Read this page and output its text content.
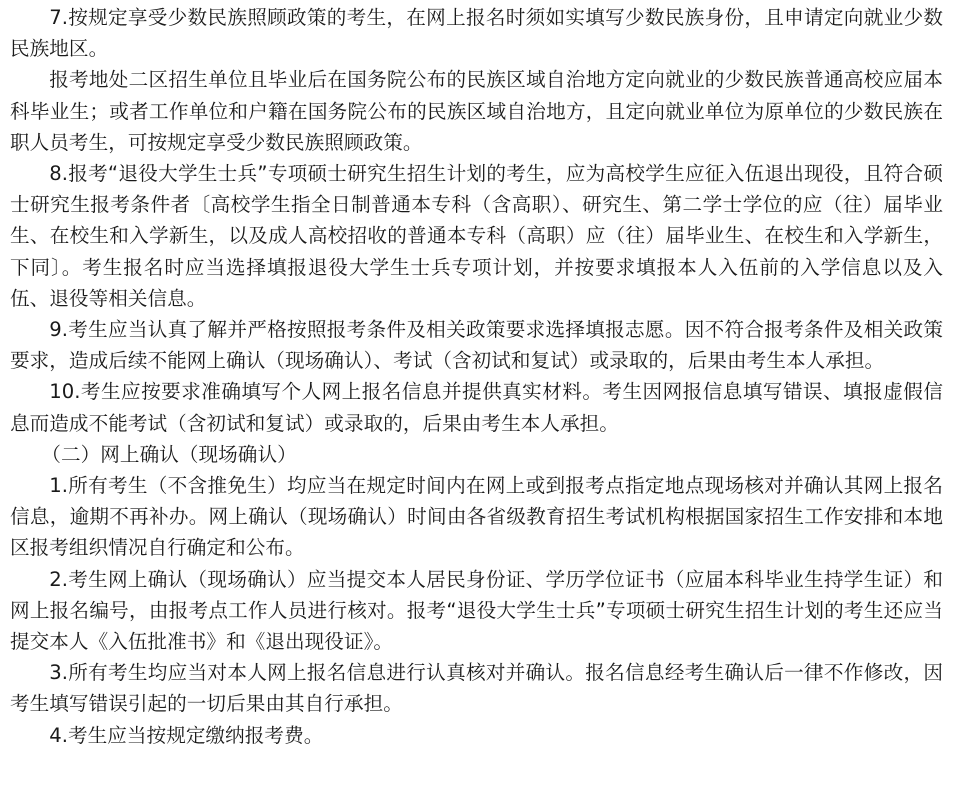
7.按规定享受少数民族照顾政策的考生，在网上报名时须如实填写少数民族身份，且申请定向就业少数民族地区。

报考地处二区招生单位且毕业后在国务院公布的民族区域自治地方定向就业的少数民族普通高校应届本科毕业生；或者工作单位和户籍在国务院公布的民族区域自治地方，且定向就业单位为原单位的少数民族在职人员考生，可按规定享受少数民族照顾政策。

8.报考“退役大学生士兵”专项硕士研究生招生计划的考生，应为高校学生应征入伍退出现役，且符合硕士研究生报考条件者〔高校学生指全日制普通本专科（含高职）、研究生、第二学士学位的应（往）届毕业生、在校生和入学新生，以及成人高校招收的普通本专科（高职）应（往）届毕业生、在校生和入学新生，下同〕。考生报名时应当选择填报退役大学生士兵专项计划，并按要求填报本人入伍前的入学信息以及入伍、退役等相关信息。

9.考生应当认真了解并严格按照报考条件及相关政策要求选择填报志愿。因不符合报考条件及相关政策要求，造成后续不能网上确认（现场确认）、考试（含初试和复试）或录取的，后果由考生本人承担。

10.考生应按要求准确填写个人网上报名信息并提供真实材料。考生因网报信息填写错误、填报虚假信息而造成不能考试（含初试和复试）或录取的，后果由考生本人承担。

（二）网上确认（现场确认）

1.所有考生（不含推免生）均应当在规定时间内在网上或到报考点指定地点现场核对并确认其网上报名信息，逾期不再补办。网上确认（现场确认）时间由各省级教育招生考试机构根据国家招生工作安排和本地区报考组织情况自行确定和公布。

2.考生网上确认（现场确认）应当提交本人居民身份证、学历学位证书（应届本科毕业生持学生证）和网上报名编号，由报考点工作人员进行核对。报考“退役大学生士兵”专项硕士研究生招生计划的考生还应当提交本人《入伍批准书》和《退出现役证》。

3.所有考生均应当对本人网上报名信息进行认真核对并确认。报名信息经考生确认后一律不作修改，因考生填写错误引起的一切后果由其自行承担。

4.考生应当按规定缴纳报考费。
